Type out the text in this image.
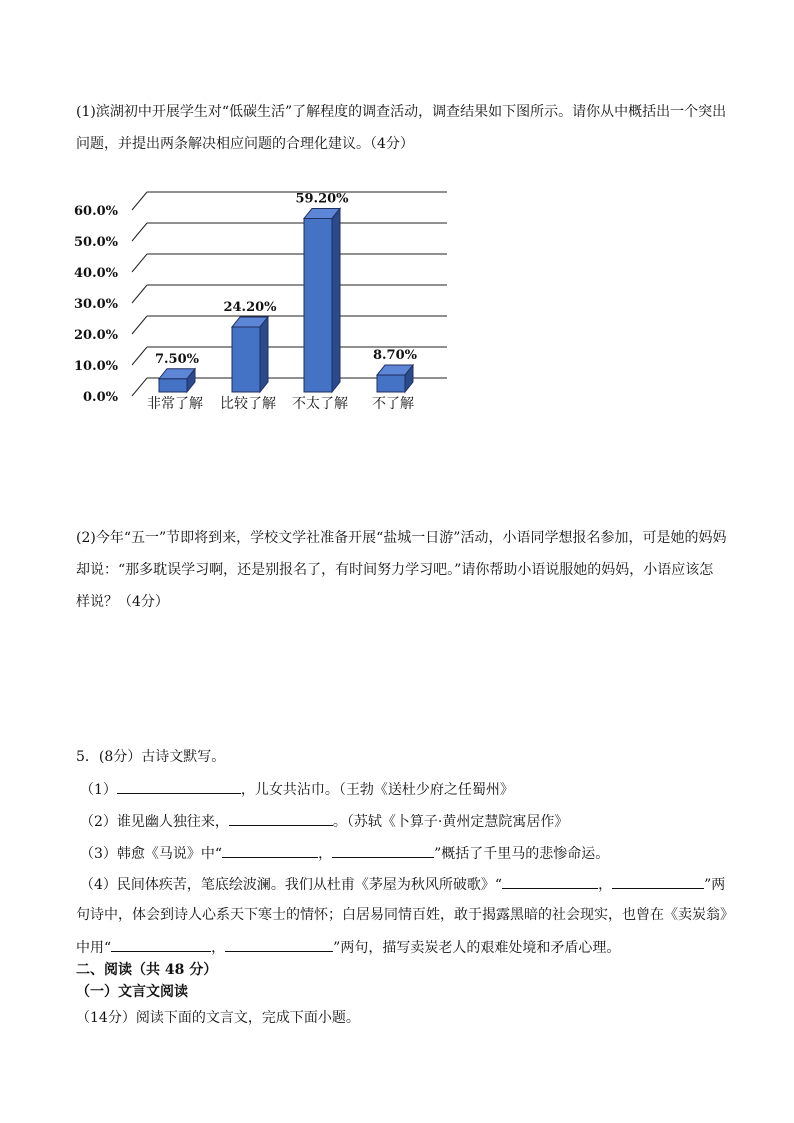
(1)滨湖初中开展学生对“低碳生活”了解程度的调查活动，调查结果如下图所示。请你从中概括出一个突出
问题，并提出两条解决相应问题的合理化建议。（4分）
0.0%
10.0%
20.0%
30.0%
40.0%
50.0%
60.0%
7.50%
24.20%
59.20%
8.70%
非常了解 比较了解 不太了解 不了解
(2)今年“五一”节即将到来，学校文学社准备开展“盐城一日游”活动，小语同学想报名参加，可是她的妈妈
却说：“那多耽误学习啊，还是别报名了，有时间努力学习吧。”请你帮助小语说服她的妈妈，小语应该怎
样说？（4分）
5．(8分）古诗文默写。
（1）	，儿女共沾巾。（王勃《送杜少府之任蜀州》
（2）谁见幽人独往来，	。（苏轼《卜算子·黄州定慧院寓居作》
（3）韩愈《马说》中“	，	”概括了千里马的悲惨命运。
（4）民间体疾苦，笔底绘波澜。我们从杜甫《茅屋为秋风所破歌》“	，	”两
句诗中，体会到诗人心系天下寒士的情怀；白居易同情百姓，敢于揭露黑暗的社会现实，也曾在《卖炭翁》
中用“	，	”两句，描写卖炭老人的艰难处境和矛盾心理。
二、阅读（共 48 分）
（一）文言文阅读
（14分）阅读下面的文言文，完成下面小题。
